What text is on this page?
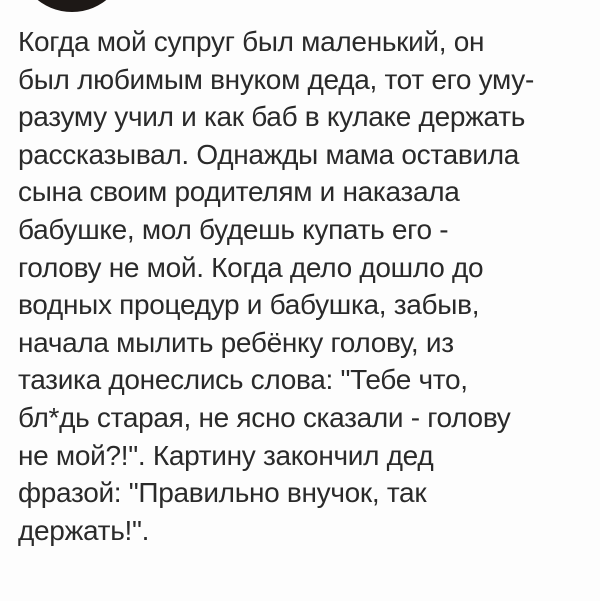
Когда мой супруг был маленький, он
был любимым внуком деда, тот его уму-
разуму учил и как баб в кулаке держать
рассказывал. Однажды мама оставила
сына своим родителям и наказала
бабушке, мол будешь купать его -
голову не мой. Когда дело дошло до
водных процедур и бабушка, забыв,
начала мылить ребёнку голову, из
тазика донеслись слова: "Тебе что,
бл*дь старая, не ясно сказали - голову
не мой?!". Картину закончил дед
фразой: "Правильно внучок, так
держать!".
